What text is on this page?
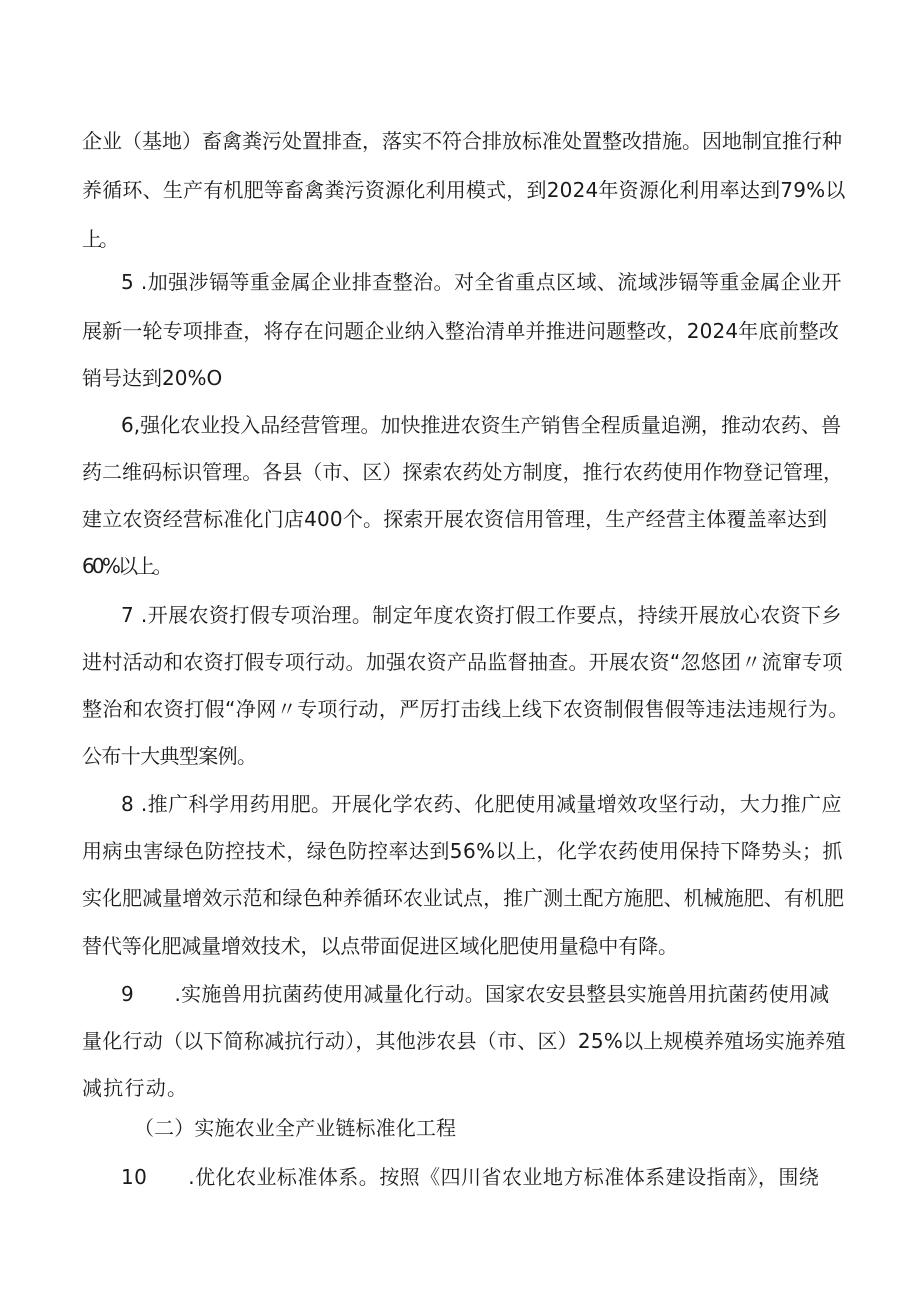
企业（基地）畜禽粪污处置排查，落实不符合排放标准处置整改措施。因地制宜推行种
养循环、生产有机肥等畜禽粪污资源化利用模式，到2024年资源化利用率达到79%以
上。
5 .加强涉镉等重金属企业排查整治。对全省重点区域、流域涉镉等重金属企业开
展新一轮专项排查，将存在问题企业纳入整治清单并推进问题整改，2024年底前整改
销号达到20%O
6,强化农业投入品经营管理。加快推进农资生产销售全程质量追溯，推动农药、兽
药二维码标识管理。各县（市、区）探索农药处方制度，推行农药使用作物登记管理，
建立农资经营标准化门店400个。探索开展农资信用管理，生产经营主体覆盖率达到
60%以上。
7 .开展农资打假专项治理。制定年度农资打假工作要点，持续开展放心农资下乡
进村活动和农资打假专项行动。加强农资产品监督抽查。开展农资“忽悠团〃流窜专项
整治和农资打假“净网〃专项行动，严厉打击线上线下农资制假售假等违法违规行为。
公布十大典型案例。
8 .推广科学用药用肥。开展化学农药、化肥使用减量增效攻坚行动，大力推广应
用病虫害绿色防控技术，绿色防控率达到56%以上，化学农药使用保持下降势头；抓
实化肥减量增效示范和绿色种养循环农业试点，推广测土配方施肥、机械施肥、有机肥
替代等化肥减量增效技术，以点带面促进区域化肥使用量稳中有降。
9　　.实施兽用抗菌药使用减量化行动。国家农安县整县实施兽用抗菌药使用减
量化行动（以下简称减抗行动），其他涉农县（市、区）25%以上规模养殖场实施养殖
减抗行动。
（二）实施农业全产业链标准化工程
10　　.优化农业标准体系。按照《四川省农业地方标准体系建设指南》，围绕
